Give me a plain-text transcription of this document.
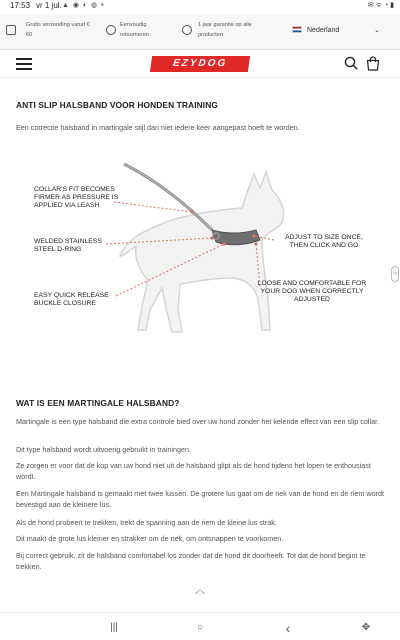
17:53 vr 1 jul. ▲ ◉ ◐ ◍ •	✉ ᯤ ◔ ▮
Gratis verzending vanaf € 60
Eenvoudig retourneren
1 jaar garantie op alle producten
Nederland	⌄
EZYDOG
ANTI SLIP HALSBAND VOOR HONDEN TRAINING

Een correctie halsband in martingale stijl dan niet iedere keer aangepast hoeft te worden.

COLLAR'S FIT BECOMES FIRMER AS PRESSURE IS APPLIED VIA LEASH
WELDED STAINLESS STEEL D-RING
EASY QUICK RELEASE BUCKLE CLOSURE
ADJUST TO SIZE ONCE, THEN CLICK AND GO
LOOSE AND COMFORTABLE FOR YOUR DOG WHEN CORRECTLY ADJUSTED
‹›
WAT IS EEN MARTINGALE HALSBAND?

Martingale is een type halsband die extra controle bied over uw hond zonder het kelende effect van een slip collar.

Dit type halsband wordt uitvoerig gebruikt in trainingen.

Ze zorgen er voor dat de kop van uw hond niet uit de halsband glipt als de hond tijdens het lopen te enthousiast wordt.

Een Martingale halsband is gemaakt met twee lussen. De grotere lus gaat om de nek van de hond en de riem wordt bevestigd aan de kleinere lus.

Als de hond probeert te trekken, trekt de spanning aan de riem de kleine lus strak.

Dit maakt de grote lus kleiner en strakker om de nek, om ontsnappen te voorkomen.

Bij correct gebruik, zit de halsband comfortabel los zonder dat de hond dit doorheeft. Tot dat de hond begint te trekken.

︿
|||	○	‹	✥
